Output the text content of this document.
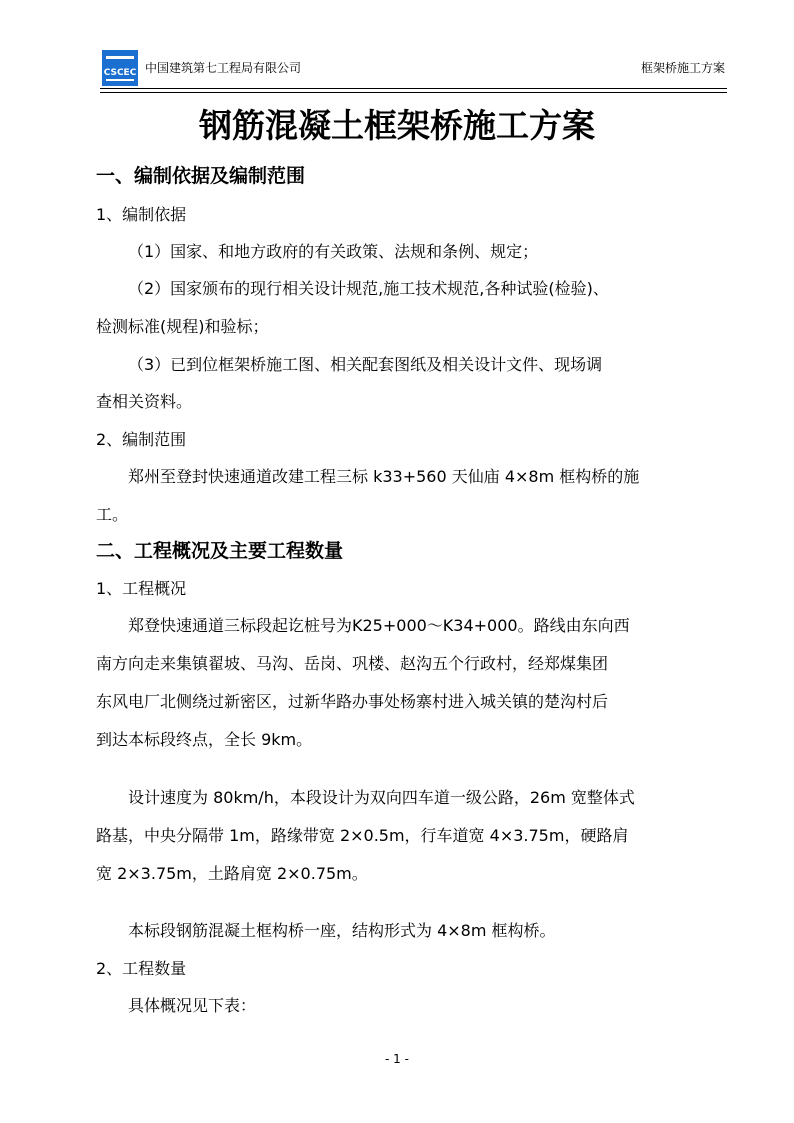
CSCEC 中国建筑第七工程局有限公司	框架桥施工方案
钢筋混凝土框架桥施工方案
一、编制依据及编制范围
1、编制依据
（1）国家、和地方政府的有关政策、法规和条例、规定；
（2）国家颁布的现行相关设计规范,施工技术规范,各种试验(检验)、
检测标准(规程)和验标；
（3）已到位框架桥施工图、相关配套图纸及相关设计文件、现场调
查相关资料。
2、编制范围
郑州至登封快速通道改建工程三标 k33+560 天仙庙 4×8m 框构桥的施
工。
二、工程概况及主要工程数量
1、工程概况
郑登快速通道三标段起讫桩号为K25+000～K34+000。路线由东向西
南方向走来集镇翟坡、马沟、岳岗、巩楼、赵沟五个行政村，经郑煤集团
东风电厂北侧绕过新密区，过新华路办事处杨寨村进入城关镇的楚沟村后
到达本标段终点，全长 9km。
设计速度为 80km/h，本段设计为双向四车道一级公路，26m 宽整体式
路基，中央分隔带 1m，路缘带宽 2×0.5m，行车道宽 4×3.75m，硬路肩
宽 2×3.75m，土路肩宽 2×0.75m。
本标段钢筋混凝土框构桥一座，结构形式为 4×8m 框构桥。
2、工程数量
具体概况见下表：
- 1 -
